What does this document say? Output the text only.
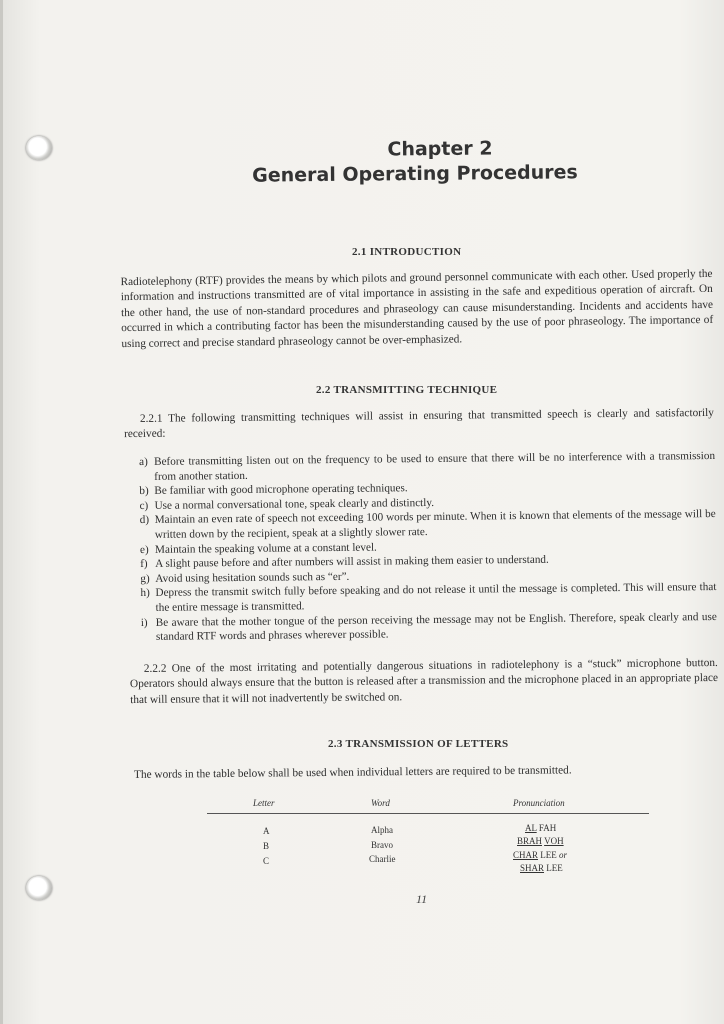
Chapter 2
General Operating Procedures
2.1 INTRODUCTION
Radiotelephony (RTF) provides the means by which pilots and ground personnel communicate with each other. Used properly the information and instructions transmitted are of vital importance in assisting in the safe and expeditious operation of aircraft. On the other hand, the use of non-standard procedures and phraseology can cause misunderstanding. Incidents and accidents have occurred in which a contributing factor has been the misunderstanding caused by the use of poor phraseology. The importance of using correct and precise standard phraseology cannot be over-emphasized.
2.2 TRANSMITTING TECHNIQUE
2.2.1 The following transmitting techniques will assist in ensuring that transmitted speech is clearly and satisfactorily received:
a) Before transmitting listen out on the frequency to be used to ensure that there will be no interference with a transmission from another station.
b) Be familiar with good microphone operating techniques.
c) Use a normal conversational tone, speak clearly and distinctly.
d) Maintain an even rate of speech not exceeding 100 words per minute. When it is known that elements of the message will be written down by the recipient, speak at a slightly slower rate.
e) Maintain the speaking volume at a constant level.
f) A slight pause before and after numbers will assist in making them easier to understand.
g) Avoid using hesitation sounds such as “er”.
h) Depress the transmit switch fully before speaking and do not release it until the message is completed. This will ensure that the entire message is transmitted.
i) Be aware that the mother tongue of the person receiving the message may not be English. Therefore, speak clearly and use standard RTF words and phrases wherever possible.
2.2.2 One of the most irritating and potentially dangerous situations in radiotelephony is a “stuck” microphone button. Operators should always ensure that the button is released after a transmission and the microphone placed in an appropriate place that will ensure that it will not inadvertently be switched on.
2.3 TRANSMISSION OF LETTERS
The words in the table below shall be used when individual letters are required to be transmitted.
Letter	Word	Pronunciation
A	Alpha	AL FAH
B	Bravo	BRAH VOH
C	Charlie	CHAR LEE or
SHAR LEE
11
